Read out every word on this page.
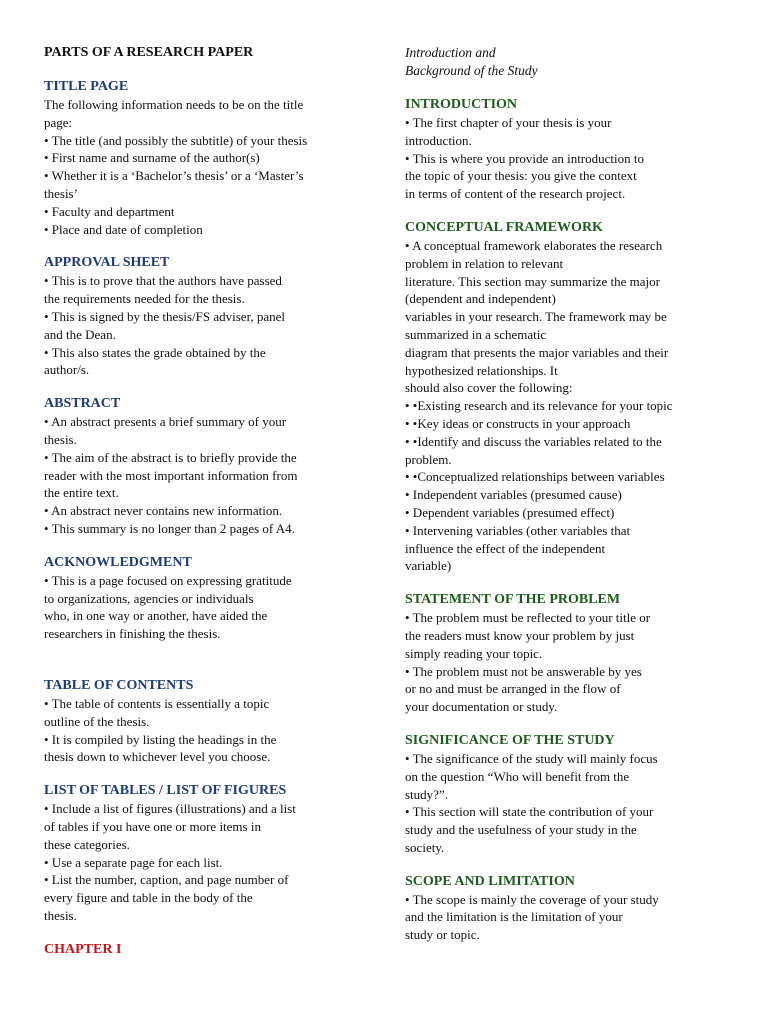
PARTS OF A RESEARCH PAPER
TITLE PAGE
The following information needs to be on the title
page:
• The title (and possibly the subtitle) of your thesis
• First name and surname of the author(s)
• Whether it is a ‘Bachelor’s thesis’ or a ‘Master’s
thesis’
• Faculty and department
• Place and date of completion
APPROVAL SHEET
• This is to prove that the authors have passed
the requirements needed for the thesis.
• This is signed by the thesis/FS adviser, panel
and the Dean.
• This also states the grade obtained by the
author/s.
ABSTRACT
• An abstract presents a brief summary of your
thesis.
• The aim of the abstract is to briefly provide the
reader with the most important information from
the entire text.
• An abstract never contains new information.
• This summary is no longer than 2 pages of A4.
ACKNOWLEDGMENT
• This is a page focused on expressing gratitude
to organizations, agencies or individuals
who, in one way or another, have aided the
researchers in finishing the thesis.
TABLE OF CONTENTS
• The table of contents is essentially a topic
outline of the thesis.
• It is compiled by listing the headings in the
thesis down to whichever level you choose.
LIST OF TABLES / LIST OF FIGURES
• Include a list of figures (illustrations) and a list
of tables if you have one or more items in
these categories.
• Use a separate page for each list.
• List the number, caption, and page number of
every figure and table in the body of the
thesis.
CHAPTER I
Introduction and
Background of the Study
INTRODUCTION
• The first chapter of your thesis is your
introduction.
• This is where you provide an introduction to
the topic of your thesis: you give the context
in terms of content of the research project.
CONCEPTUAL FRAMEWORK
• A conceptual framework elaborates the research
problem in relation to relevant
literature. This section may summarize the major
(dependent and independent)
variables in your research. The framework may be
summarized in a schematic
diagram that presents the major variables and their
hypothesized relationships. It
should also cover the following:
• •Existing research and its relevance for your topic
• •Key ideas or constructs in your approach
• •Identify and discuss the variables related to the
problem.
• •Conceptualized relationships between variables
• Independent variables (presumed cause)
• Dependent variables (presumed effect)
• Intervening variables (other variables that
influence the effect of the independent
variable)
STATEMENT OF THE PROBLEM
• The problem must be reflected to your title or
the readers must know your problem by just
simply reading your topic.
• The problem must not be answerable by yes
or no and must be arranged in the flow of
your documentation or study.
SIGNIFICANCE OF THE STUDY
• The significance of the study will mainly focus
on the question “Who will benefit from the
study?”.
• This section will state the contribution of your
study and the usefulness of your study in the
society.
SCOPE AND LIMITATION
• The scope is mainly the coverage of your study
and the limitation is the limitation of your
study or topic.
